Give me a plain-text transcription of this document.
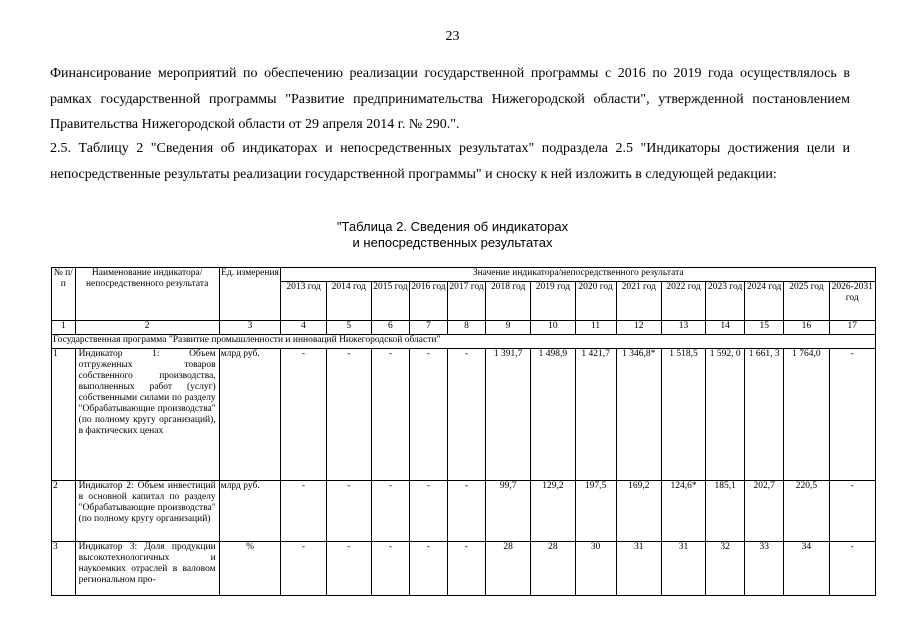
23
Финансирование мероприятий по обеспечению реализации государственной программы с 2016 по 2019 года осуществлялось в рамках государственной программы "Развитие предпринимательства Нижегородской области", утвержденной постановлением Правительства Нижегородской области от 29 апреля 2014 г. № 290.".
2.5. Таблицу 2 "Сведения об индикаторах и непосредственных результатах" подраздела 2.5 "Индикаторы достижения цели и непосредственные результаты реализации государственной программы" и сноску к ней изложить в следующей редакции:
"Таблица 2. Сведения об индикаторах
и непосредственных результатах
№ п/п	Наименование индикатора/непосредственного результата	Ед. измерения	Значение индикатора/непосредственного результата													
			2013 год	2014 год	2015 год	2016 год	2017 год	2018 год	2019 год	2020 год	2021 год	2022 год	2023 год	2024 год	2025 год	2026-2031 год
1	2	3	4	5	6	7	8	9	10	11	12	13	14	15	16	17
Государственная программа "Развитие промышленности и инноваций Нижегородской области"																
1	Индикатор 1: Объем отгруженных товаров собственного производства, выполненных работ (услуг) собственными силами по разделу "Обрабатывающие производства" (по полному кругу организаций), в фактических ценах	млрд руб.	-	-	-	-	-	1 391,7	1 498,9	1 421,7	1 346,8*	1 518,5	1 592, 0	1 661, 3	1 764,0	-
2	Индикатор 2: Объем инвестиций в основной капитал по разделу "Обрабатывающие производства" (по полному кругу организаций)	млрд руб.	-	-	-	-	-	99,7	129,2	197,5	169,2	124,6*	185,1	202,7	220,5	-
3	Индикатор 3: Доля продукции высокотехнологичных и наукоемких отраслей в валовом региональном про-	%	-	-	-	-	-	28	28	30	31	31	32	33	34	-
